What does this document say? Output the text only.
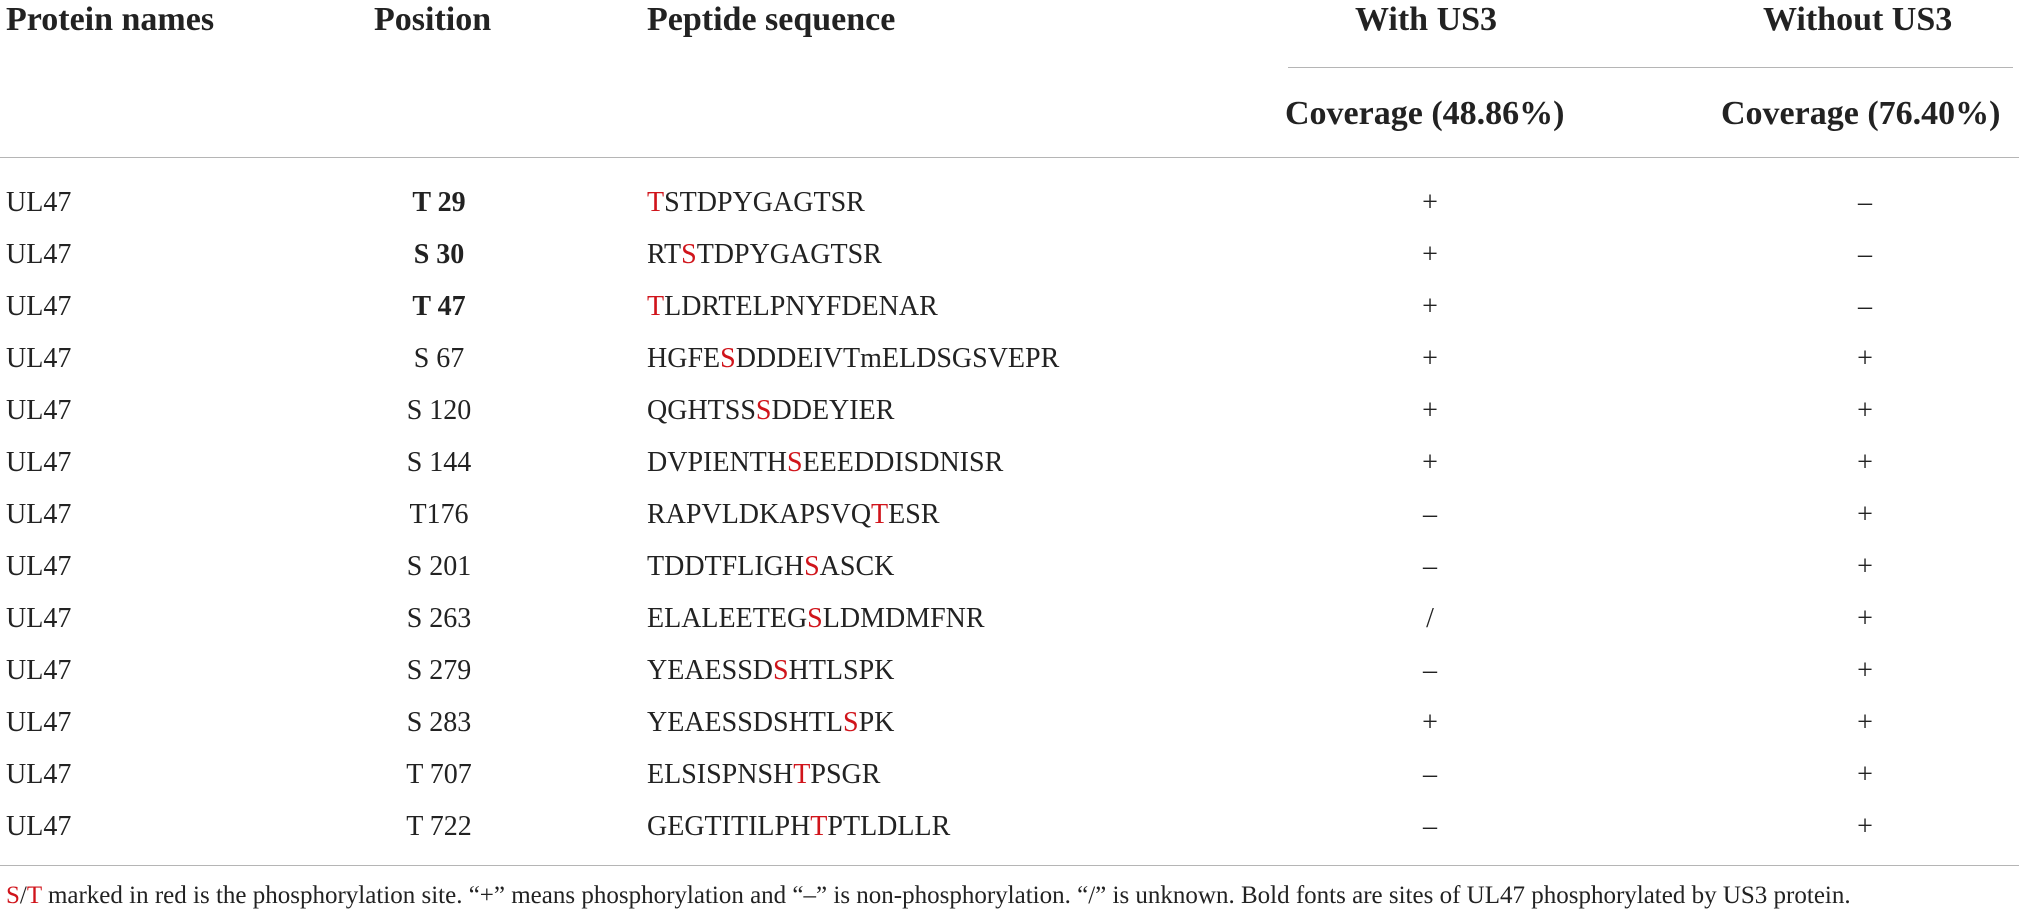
Protein names	Position	Peptide sequence	With US3	Without US3
Coverage (48.86%)	Coverage (76.40%)
UL47	T 29	TSTDPYGAGTSR	+	–
UL47	S 30	RTSTDPYGAGTSR	+	–
UL47	T 47	TLDRTELPNYFDENAR	+	–
UL47	S 67	HGFESDDDEIVTmELDSGSVEPR	+	+
UL47	S 120	QGHTSSSDDEYIER	+	+
UL47	S 144	DVPIENTHSEEEDDISDNISR	+	+
UL47	T176	RAPVLDKAPSVQTESR	–	+
UL47	S 201	TDDTFLIGHSASCK	–	+
UL47	S 263	ELALEETEGSLDMDMFNR	/	+
UL47	S 279	YEAESSDSHTLSPK	–	+
UL47	S 283	YEAESSDSHTLSPK	+	+
UL47	T 707	ELSISPNSHTPSGR	–	+
UL47	T 722	GEGTITILPHTPTLDLLR	–	+
S/T marked in red is the phosphorylation site. “+” means phosphorylation and “–” is non-phosphorylation. “/” is unknown. Bold fonts are sites of UL47 phosphorylated by US3 protein.
